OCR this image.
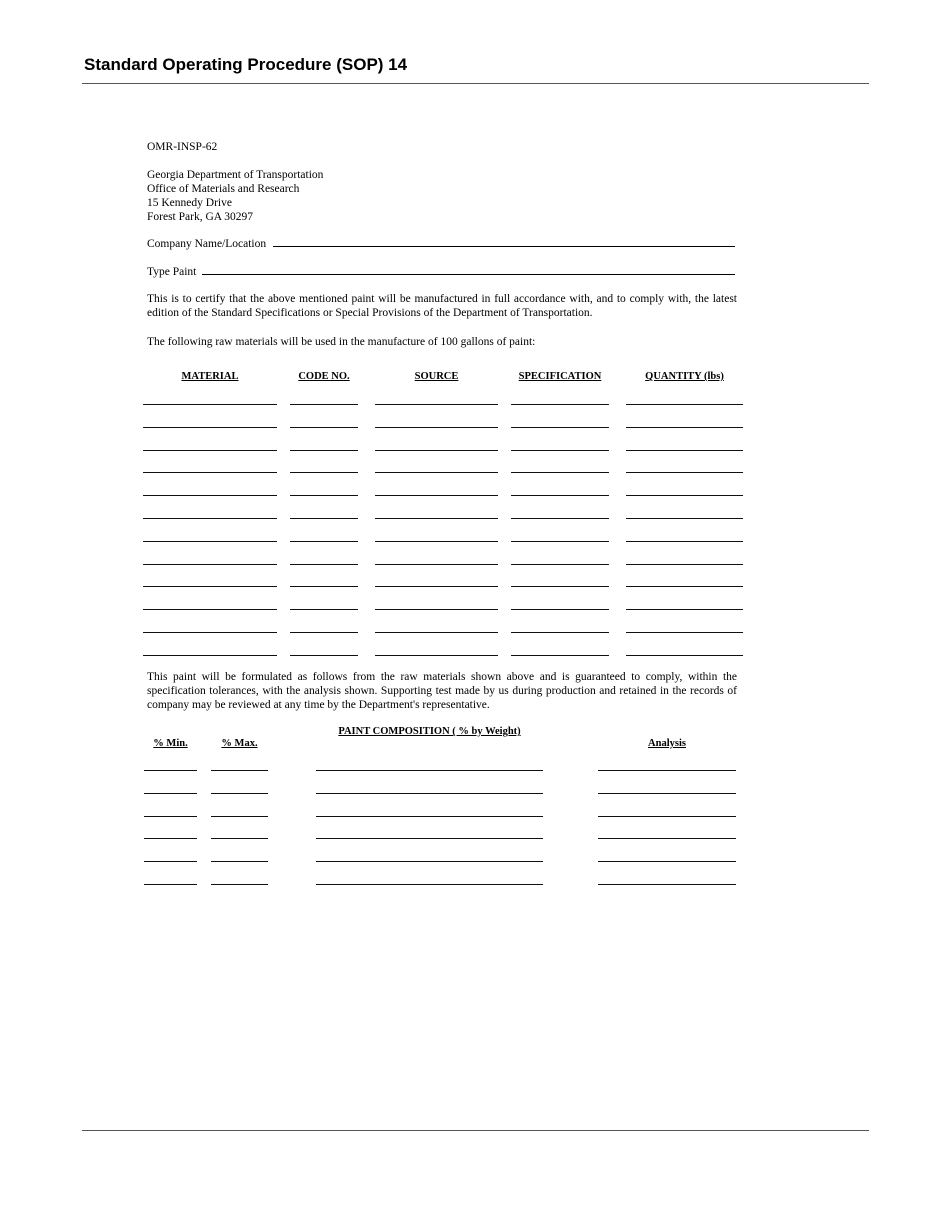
Standard Operating Procedure (SOP) 14
OMR-INSP-62
Georgia Department of Transportation
Office of Materials and Research
15 Kennedy Drive
Forest Park, GA 30297
Company Name/Location
Type Paint
This is to certify that the above mentioned paint will be manufactured in full accordance with, and to comply with, the latest edition of the Standard Specifications or Special Provisions of the Department of Transportation.
The following raw materials will be used in the manufacture of 100 gallons of paint:
MATERIAL	CODE NO.	SOURCE	SPECIFICATION	QUANTITY (lbs)
This paint will be formulated as follows from the raw materials shown above and is guaranteed to comply, within the specification tolerances, with the analysis shown. Supporting test made by us during production and retained in the records of company may be reviewed at any time by the Department's representative.
% Min.	% Max.
PAINT COMPOSITION ( % by Weight)
Analysis
